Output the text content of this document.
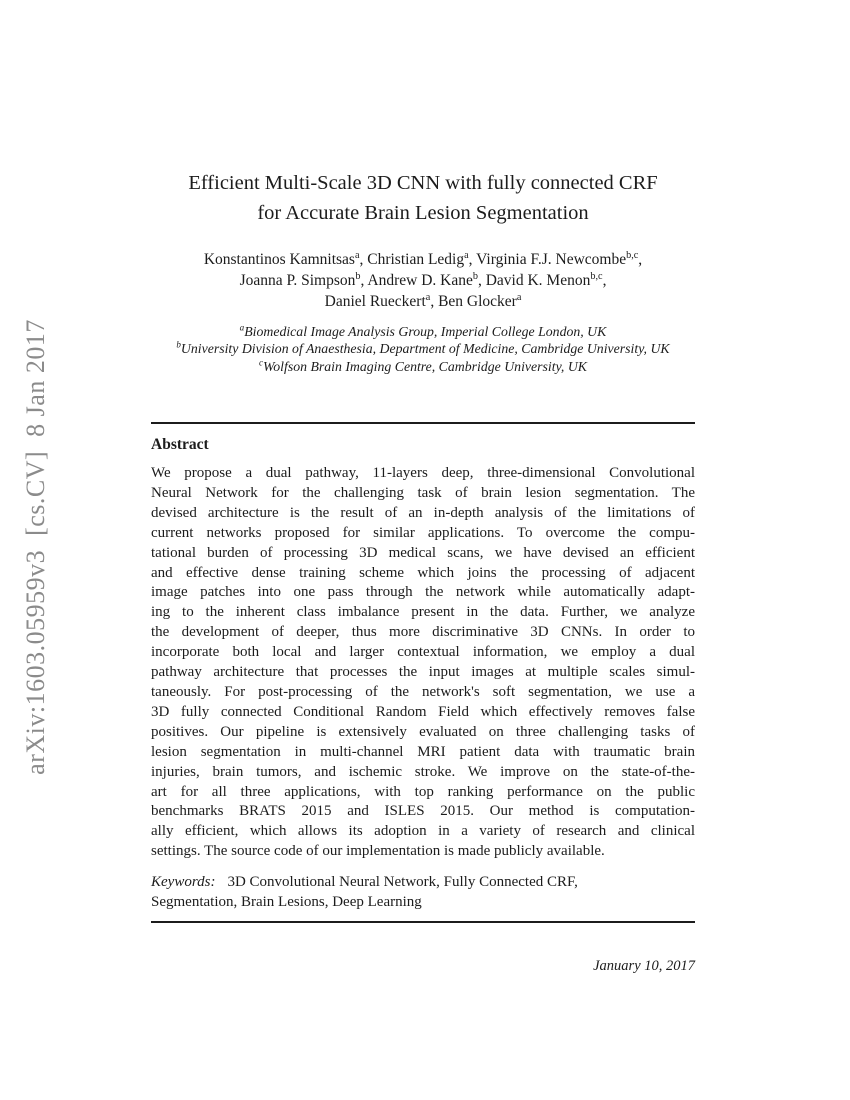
arXiv:1603.05959v3  [cs.CV]  8 Jan 2017
Efficient Multi-Scale 3D CNN with fully connected CRF
for Accurate Brain Lesion Segmentation
Konstantinos Kamnitsas$^a$, Christian Ledig$^a$, Virginia F.J. Newcombe$^{b,c}$,
Joanna P. Simpson$^b$, Andrew D. Kane$^b$, David K. Menon$^{b,c}$,
Daniel Rueckert$^a$, Ben Glocker$^a$
$^a$Biomedical Image Analysis Group, Imperial College London, UK
$^b$University Division of Anaesthesia, Department of Medicine, Cambridge University, UK
$^c$Wolfson Brain Imaging Centre, Cambridge University, UK
Abstract
We propose a dual pathway, 11-layers deep, three-dimensional Convolutional
Neural Network for the challenging task of brain lesion segmentation. The
devised architecture is the result of an in-depth analysis of the limitations of
current networks proposed for similar applications. To overcome the compu-
tational burden of processing 3D medical scans, we have devised an efficient
and effective dense training scheme which joins the processing of adjacent
image patches into one pass through the network while automatically adapt-
ing to the inherent class imbalance present in the data. Further, we analyze
the development of deeper, thus more discriminative 3D CNNs. In order to
incorporate both local and larger contextual information, we employ a dual
pathway architecture that processes the input images at multiple scales simul-
taneously. For post-processing of the network's soft segmentation, we use a
3D fully connected Conditional Random Field which effectively removes false
positives. Our pipeline is extensively evaluated on three challenging tasks of
lesion segmentation in multi-channel MRI patient data with traumatic brain
injuries, brain tumors, and ischemic stroke. We improve on the state-of-the-
art for all three applications, with top ranking performance on the public
benchmarks BRATS 2015 and ISLES 2015. Our method is computation-
ally efficient, which allows its adoption in a variety of research and clinical
settings. The source code of our implementation is made publicly available.
Keywords: 3D Convolutional Neural Network, Fully Connected CRF,
Segmentation, Brain Lesions, Deep Learning
January 10, 2017
